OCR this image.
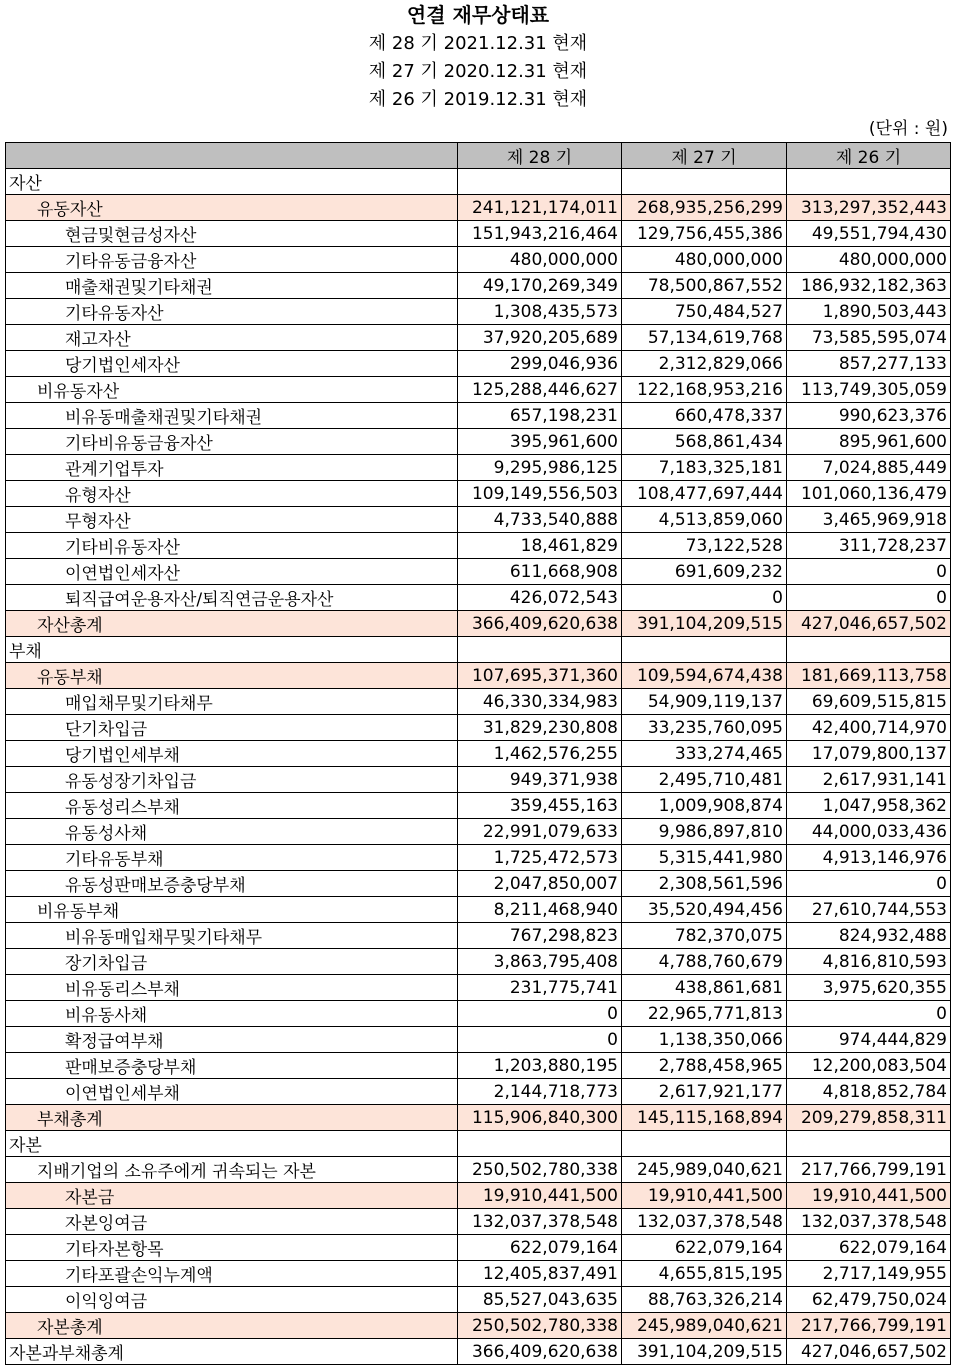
연결 재무상태표
제 28 기 2021.12.31 현재
제 27 기 2020.12.31 현재
제 26 기 2019.12.31 현재
(단위 : 원)
	제 28 기	제 27 기	제 26 기
자산			
유동자산	241,121,174,011	268,935,256,299	313,297,352,443
현금및현금성자산	151,943,216,464	129,756,455,386	49,551,794,430
기타유동금융자산	480,000,000	480,000,000	480,000,000
매출채권및기타채권	49,170,269,349	78,500,867,552	186,932,182,363
기타유동자산	1,308,435,573	750,484,527	1,890,503,443
재고자산	37,920,205,689	57,134,619,768	73,585,595,074
당기법인세자산	299,046,936	2,312,829,066	857,277,133
비유동자산	125,288,446,627	122,168,953,216	113,749,305,059
비유동매출채권및기타채권	657,198,231	660,478,337	990,623,376
기타비유동금융자산	395,961,600	568,861,434	895,961,600
관계기업투자	9,295,986,125	7,183,325,181	7,024,885,449
유형자산	109,149,556,503	108,477,697,444	101,060,136,479
무형자산	4,733,540,888	4,513,859,060	3,465,969,918
기타비유동자산	18,461,829	73,122,528	311,728,237
이연법인세자산	611,668,908	691,609,232	0
퇴직급여운용자산/퇴직연금운용자산	426,072,543	0	0
자산총계	366,409,620,638	391,104,209,515	427,046,657,502
부채			
유동부채	107,695,371,360	109,594,674,438	181,669,113,758
매입채무및기타채무	46,330,334,983	54,909,119,137	69,609,515,815
단기차입금	31,829,230,808	33,235,760,095	42,400,714,970
당기법인세부채	1,462,576,255	333,274,465	17,079,800,137
유동성장기차입금	949,371,938	2,495,710,481	2,617,931,141
유동성리스부채	359,455,163	1,009,908,874	1,047,958,362
유동성사채	22,991,079,633	9,986,897,810	44,000,033,436
기타유동부채	1,725,472,573	5,315,441,980	4,913,146,976
유동성판매보증충당부채	2,047,850,007	2,308,561,596	0
비유동부채	8,211,468,940	35,520,494,456	27,610,744,553
비유동매입채무및기타채무	767,298,823	782,370,075	824,932,488
장기차입금	3,863,795,408	4,788,760,679	4,816,810,593
비유동리스부채	231,775,741	438,861,681	3,975,620,355
비유동사채	0	22,965,771,813	0
확정급여부채	0	1,138,350,066	974,444,829
판매보증충당부채	1,203,880,195	2,788,458,965	12,200,083,504
이연법인세부채	2,144,718,773	2,617,921,177	4,818,852,784
부채총계	115,906,840,300	145,115,168,894	209,279,858,311
자본			
지배기업의 소유주에게 귀속되는 자본	250,502,780,338	245,989,040,621	217,766,799,191
자본금	19,910,441,500	19,910,441,500	19,910,441,500
자본잉여금	132,037,378,548	132,037,378,548	132,037,378,548
기타자본항목	622,079,164	622,079,164	622,079,164
기타포괄손익누계액	12,405,837,491	4,655,815,195	2,717,149,955
이익잉여금	85,527,043,635	88,763,326,214	62,479,750,024
자본총계	250,502,780,338	245,989,040,621	217,766,799,191
자본과부채총계	366,409,620,638	391,104,209,515	427,046,657,502
